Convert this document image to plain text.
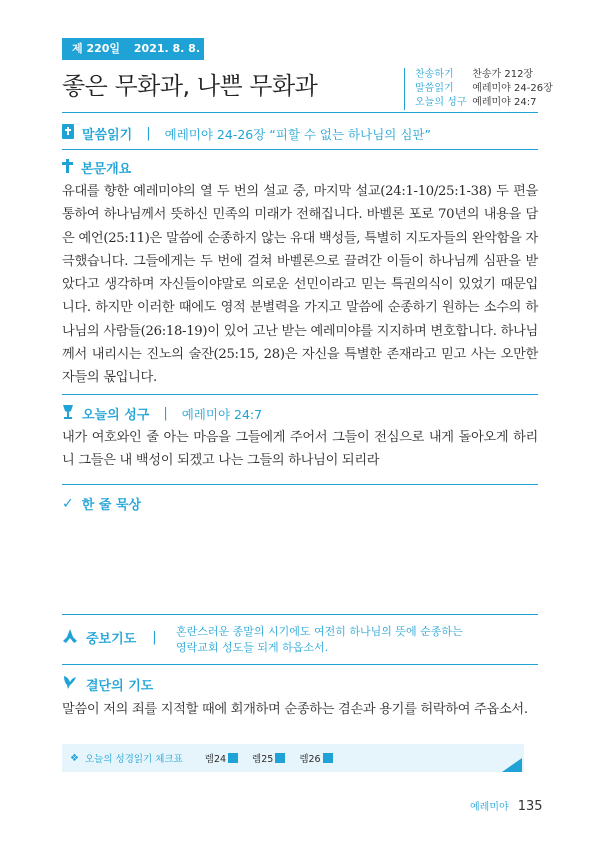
제 220일 2021. 8. 8. 주
좋은 무화과, 나쁜 무화과	찬송하기 찬송가 212장
말씀읽기 예레미야 24-26장
오늘의 성구 예레미야 24:7
말씀읽기 | 예레미야 24-26장 “피할 수 없는 하나님의 심판”
본문개요
유대를 향한 예레미야의 열 두 번의 설교 중, 마지막 설교(24:1-10/25:1-38) 두 편을 통하여 하나님께서 뜻하신 민족의 미래가 전해집니다. 바벨론 포로 70년의 내용을 담은 예언(25:11)은 말씀에 순종하지 않는 유대 백성들, 특별히 지도자들의 완악함을 자극했습니다. 그들에게는 두 번에 걸쳐 바벨론으로 끌려간 이들이 하나님께 심판을 받았다고 생각하며 자신들이야말로 의로운 선민이라고 믿는 특권의식이 있었기 때문입니다. 하지만 이러한 때에도 영적 분별력을 가지고 말씀에 순종하기 원하는 소수의 하나님의 사람들(26:18-19)이 있어 고난 받는 예레미야를 지지하며 변호합니다. 하나님께서 내리시는 진노의 술잔(25:15, 28)은 자신을 특별한 존재라고 믿고 사는 오만한 자들의 몫입니다.
오늘의 성구 | 예레미야 24:7
내가 여호와인 줄 아는 마음을 그들에게 주어서 그들이 전심으로 내게 돌아오게 하리니 그들은 내 백성이 되겠고 나는 그들의 하나님이 되리라
✓ 한 줄 묵상
중보기도 | 혼란스러운 종말의 시기에도 여전히 하나님의 뜻에 순종하는
영락교회 성도들 되게 하옵소서.
결단의 기도
말씀이 저의 죄를 지적할 때에 회개하며 순종하는 겸손과 용기를 허락하여 주옵소서.
❖ 오늘의 성경읽기 체크표 렘24	렘25	렘26
예레미야 135
